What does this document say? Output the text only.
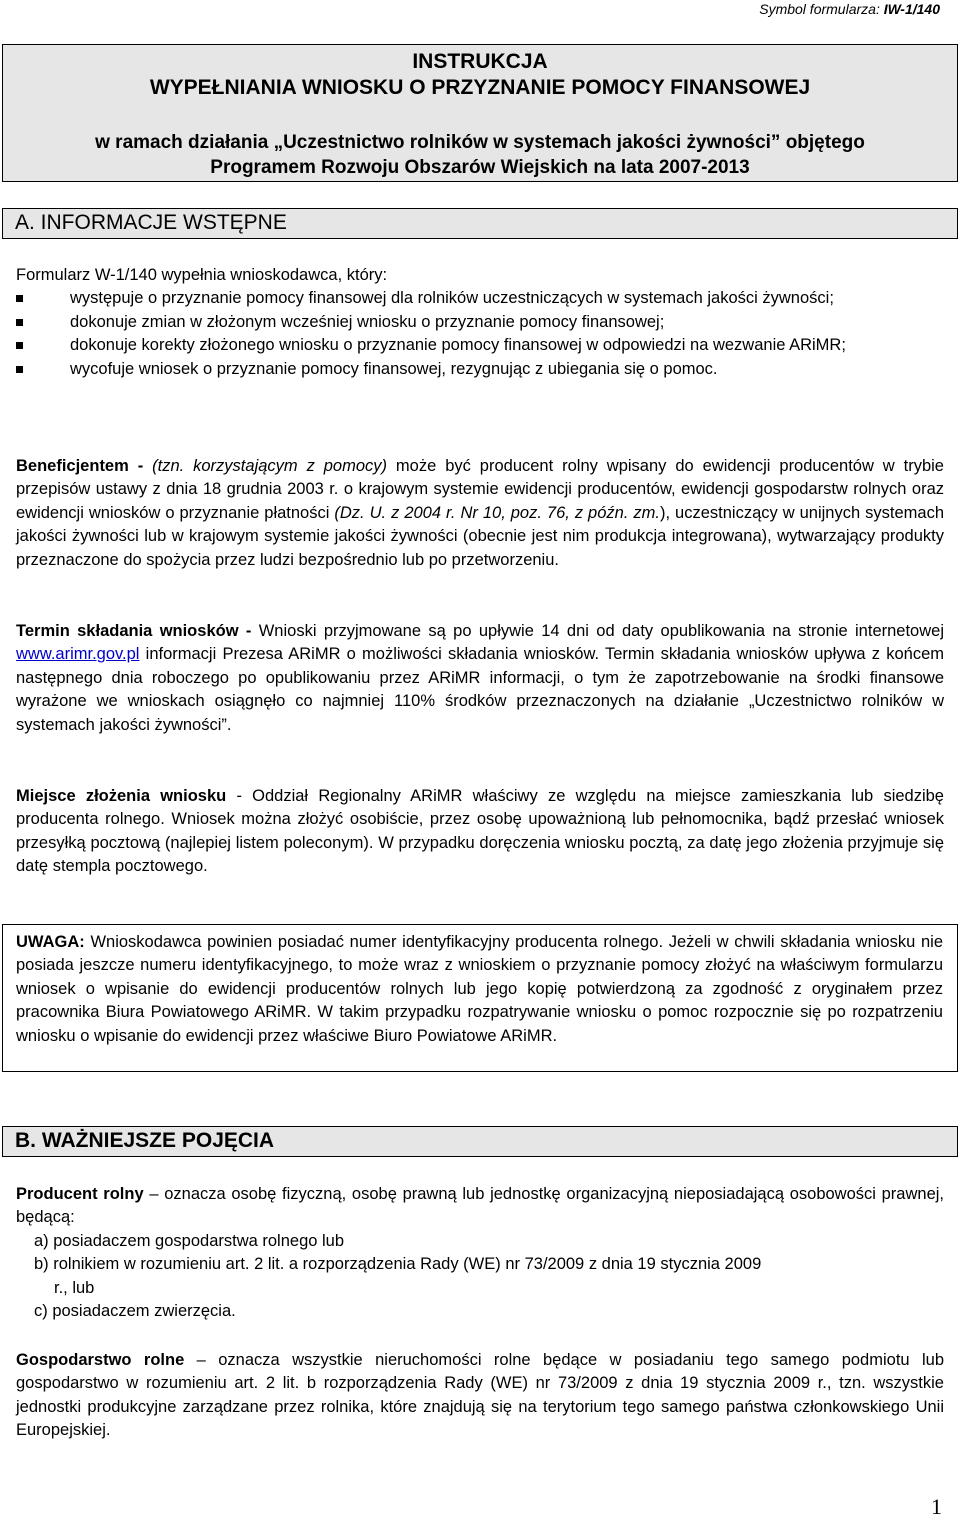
Symbol formularza: IW-1/140
INSTRUKCJA
WYPEŁNIANIA WNIOSKU O PRZYZNANIE POMOCY FINANSOWEJ
w ramach działania „Uczestnictwo rolników w systemach jakości żywności” objętego
Programem Rozwoju Obszarów Wiejskich na lata 2007-2013
A. INFORMACJE WSTĘPNE

Formularz W-1/140 wypełnia wnioskodawca, który:

występuje o przyznanie pomocy finansowej dla rolników uczestniczących w systemach jakości żywności;
dokonuje zmian w złożonym wcześniej wniosku o przyznanie pomocy finansowej;
dokonuje korekty złożonego wniosku o przyznanie pomocy finansowej w odpowiedzi na wezwanie ARiMR;
wycofuje wniosek o przyznanie pomocy finansowej, rezygnując z ubiegania się o pomoc.
Beneficjentem - (tzn. korzystającym z pomocy) może być producent rolny wpisany do ewidencji producentów w trybie przepisów ustawy z dnia 18 grudnia 2003 r. o krajowym systemie ewidencji producentów, ewidencji gospodarstw rolnych oraz ewidencji wniosków o przyznanie płatności (Dz. U. z 2004 r. Nr 10, poz. 76, z późn. zm.), uczestniczący w unijnych systemach jakości żywności lub w krajowym systemie jakości żywności (obecnie jest nim produkcja integrowana), wytwarzający produkty przeznaczone do spożycia przez ludzi bezpośrednio lub po przetworzeniu.
Termin składania wniosków - Wnioski przyjmowane są po upływie 14 dni od daty opublikowania na stronie internetowej www.arimr.gov.pl informacji Prezesa ARiMR o możliwości składania wniosków. Termin składania wniosków upływa z końcem następnego dnia roboczego po opublikowaniu przez ARiMR informacji, o tym że zapotrzebowanie na środki finansowe wyrażone we wnioskach osiągnęło co najmniej 110% środków przeznaczonych na działanie „Uczestnictwo rolników w systemach jakości żywności”.
Miejsce złożenia wniosku - Oddział Regionalny ARiMR właściwy ze względu na miejsce zamieszkania lub siedzibę producenta rolnego. Wniosek można złożyć osobiście, przez osobę upoważnioną lub pełnomocnika, bądź przesłać wniosek przesyłką pocztową (najlepiej listem poleconym). W przypadku doręczenia wniosku pocztą, za datę jego złożenia przyjmuje się datę stempla pocztowego.
UWAGA: Wnioskodawca powinien posiadać numer identyfikacyjny producenta rolnego. Jeżeli w chwili składania wniosku nie posiada jeszcze numeru identyfikacyjnego, to może wraz z wnioskiem o przyznanie pomocy złożyć na właściwym formularzu wniosek o wpisanie do ewidencji producentów rolnych lub jego kopię potwierdzoną za zgodność z oryginałem przez pracownika Biura Powiatowego ARiMR. W takim przypadku rozpatrywanie wniosku o pomoc rozpocznie się po rozpatrzeniu wniosku o wpisanie do ewidencji przez właściwe Biuro Powiatowe ARiMR.
B. WAŻNIEJSZE POJĘCIA

Producent rolny – oznacza osobę fizyczną, osobę prawną lub jednostkę organizacyjną nieposiadającą osobowości prawnej, będącą:

a) posiadaczem gospodarstwa rolnego lub
b) rolnikiem w rozumieniu art. 2 lit. a rozporządzenia Rady (WE) nr 73/2009 z dnia 19 stycznia 2009
r., lub
c) posiadaczem zwierzęcia.
Gospodarstwo rolne – oznacza wszystkie nieruchomości rolne będące w posiadaniu tego samego podmiotu lub gospodarstwo w rozumieniu art. 2 lit. b rozporządzenia Rady (WE) nr 73/2009 z dnia 19 stycznia 2009 r., tzn. wszystkie jednostki produkcyjne zarządzane przez rolnika, które znajdują się na terytorium tego samego państwa członkowskiego Unii Europejskiej.
1
